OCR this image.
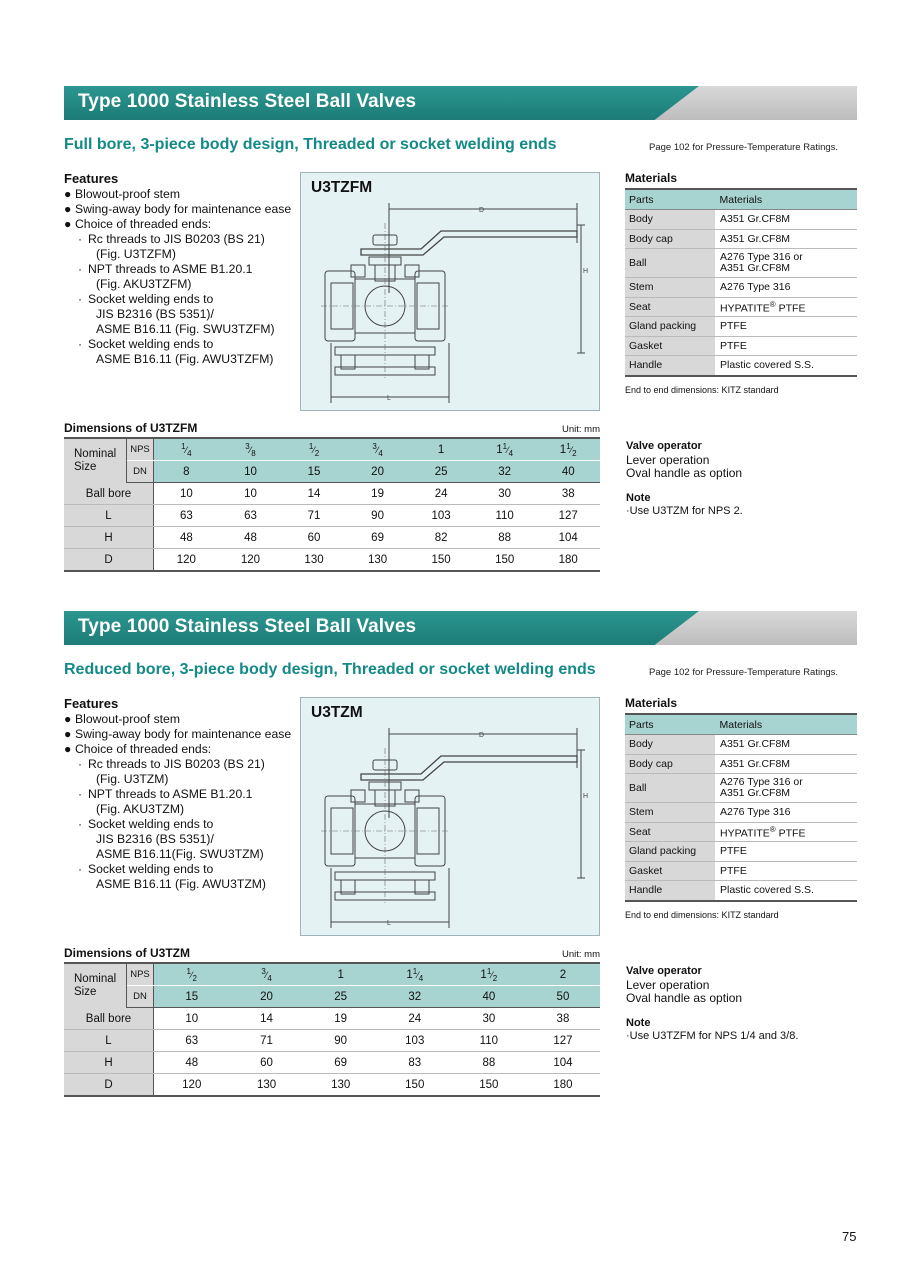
Type 1000 Stainless Steel Ball Valves
Full bore, 3-piece body design, Threaded or socket welding ends	Page 102 for Pressure-Temperature Ratings.
Features
● Blowout-proof stem
● Swing-away body for maintenance ease
● Choice of threaded ends:
· Rc threads to JIS B0203 (BS 21)
(Fig. U3TZFM)
· NPT threads to ASME B1.20.1
(Fig. AKU3TZFM)
· Socket welding ends to
JIS B2316 (BS 5351)/
ASME B16.11 (Fig. SWU3TZFM)
· Socket welding ends to
ASME B16.11 (Fig. AWU3TZFM)
U3TZFM
D
H
L
Materials
Parts	Materials
Body	A351 Gr.CF8M
Body cap	A351 Gr.CF8M
Ball	A276 Type 316 or
A351 Gr.CF8M
Stem	A276 Type 316
Seat	HYPATITE® PTFE
Gland packing	PTFE
Gasket	PTFE
Handle	Plastic covered S.S.
End to end dimensions: KITZ standard
Valve operator
Lever operation
Oval handle as option
Note
·Use U3TZM for NPS 2.
Dimensions of U3TZFM	Unit: mm
Nominal
Size	NPS	$^1⁄_4$	$^3⁄_8$	$^1⁄_2$	$^3⁄_4$	1	$1^1⁄_4$	$1^1⁄_2$
	DN	8	10	15	20	25	32	40
Ball bore		10	10	14	19	24	30	38
L		63	63	71	90	103	110	127
H		48	48	60	69	82	88	104
D		120	120	130	130	150	150	180
Type 1000 Stainless Steel Ball Valves
Reduced bore, 3-piece body design, Threaded or socket welding ends	Page 102 for Pressure-Temperature Ratings.
Features
● Blowout-proof stem
● Swing-away body for maintenance ease
● Choice of threaded ends:
· Rc threads to JIS B0203 (BS 21)
(Fig. U3TZM)
· NPT threads to ASME B1.20.1
(Fig. AKU3TZM)
· Socket welding ends to
JIS B2316 (BS 5351)/
ASME B16.11(Fig. SWU3TZM)
· Socket welding ends to
ASME B16.11 (Fig. AWU3TZM)
U3TZM
D
H
L
Materials
Parts	Materials
Body	A351 Gr.CF8M
Body cap	A351 Gr.CF8M
Ball	A276 Type 316 or
A351 Gr.CF8M
Stem	A276 Type 316
Seat	HYPATITE® PTFE
Gland packing	PTFE
Gasket	PTFE
Handle	Plastic covered S.S.
End to end dimensions: KITZ standard
Valve operator
Lever operation
Oval handle as option
Note
·Use U3TZFM for NPS 1/4 and 3/8.
Dimensions of U3TZM	Unit: mm
Nominal
Size	NPS	$^1⁄_2$	$^3⁄_4$	1	$1^1⁄_4$	$1^1⁄_2$	2
	DN	15	20	25	32	40	50
Ball bore		10	14	19	24	30	38
L		63	71	90	103	110	127
H		48	60	69	83	88	104
D		120	130	130	150	150	180
75
